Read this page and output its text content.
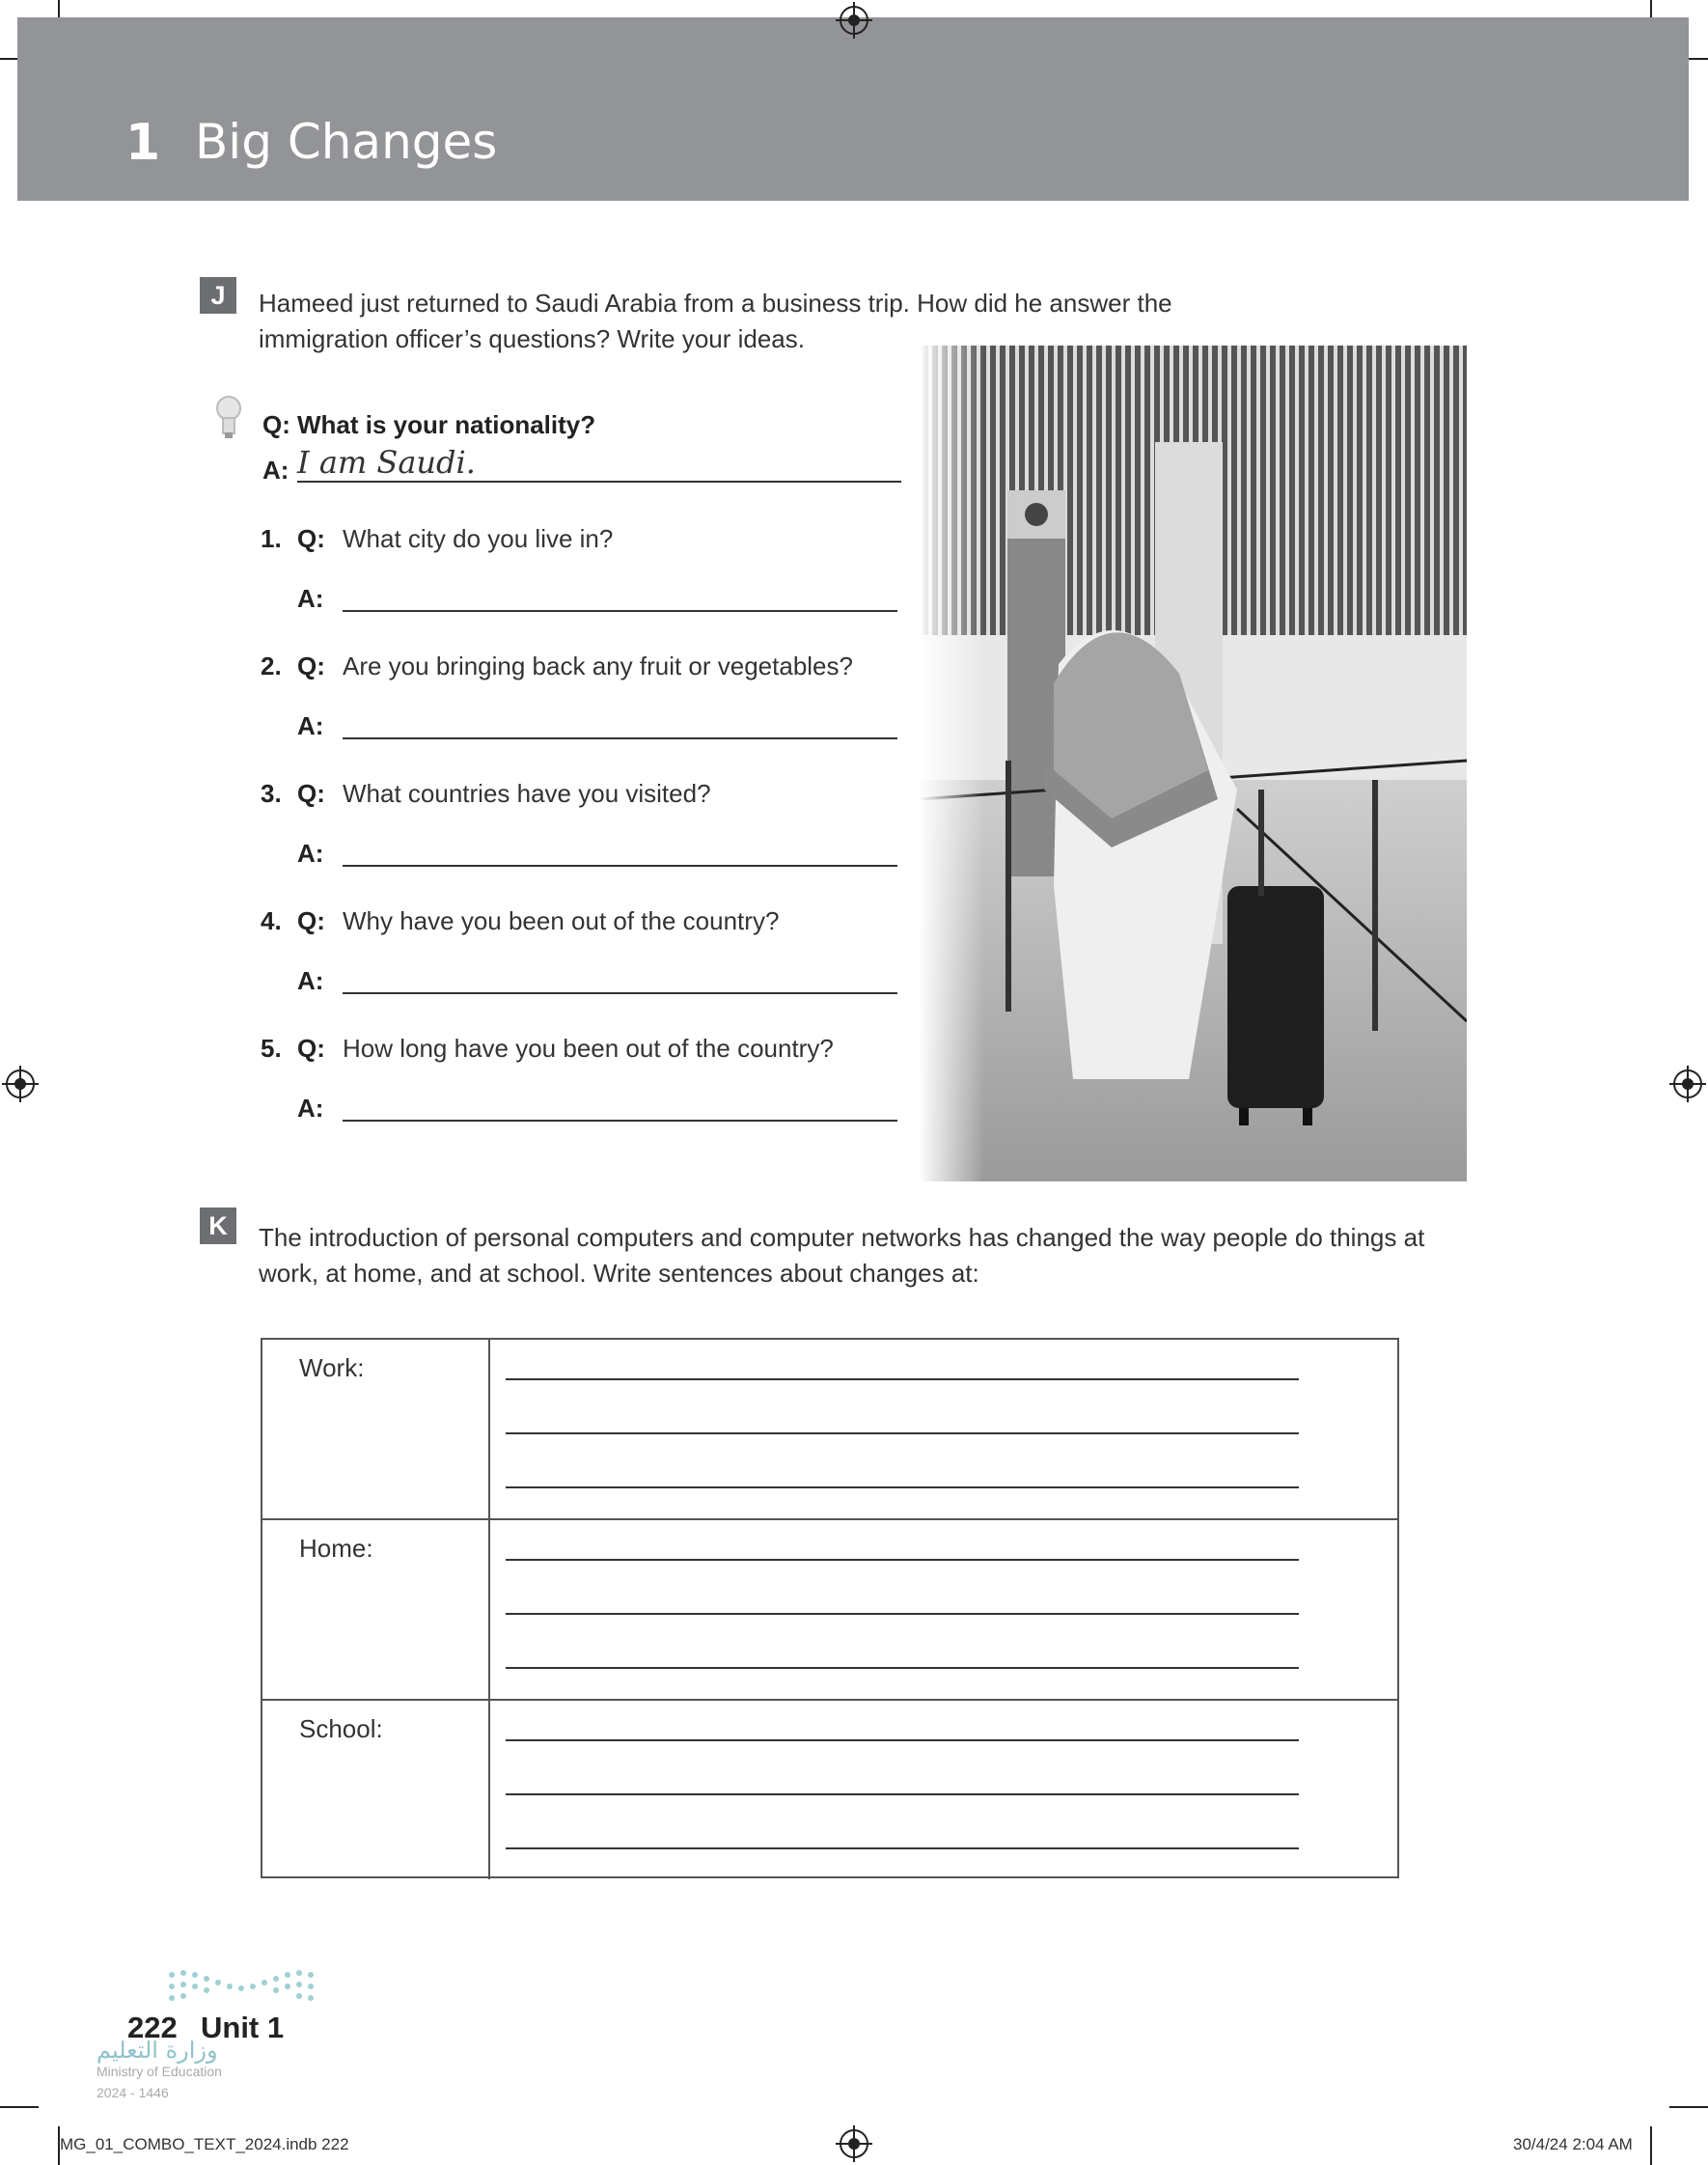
1 Big Changes
J	Hameed just returned to Saudi Arabia from a business trip. How did he answer the
immigration officer’s questions? Write your ideas.
Q: What is your nationality?
A: I am Saudi.
1. Q: What city do you live in?
A:
2. Q: Are you bringing back any fruit or vegetables?
A:
3. Q: What countries have you visited?
A:
4. Q: Why have you been out of the country?
A:
5. Q: How long have you been out of the country?
A:
K	The introduction of personal computers and computer networks has changed the way people do things at
work, at home, and at school. Write sentences about changes at:
Work:
Home:
School:
222 Unit 1
وزارة التعليم
Ministry of Education
2024 - 1446
MG_01_COMBO_TEXT_2024.indb 222	30/4/24 2:04 AM
